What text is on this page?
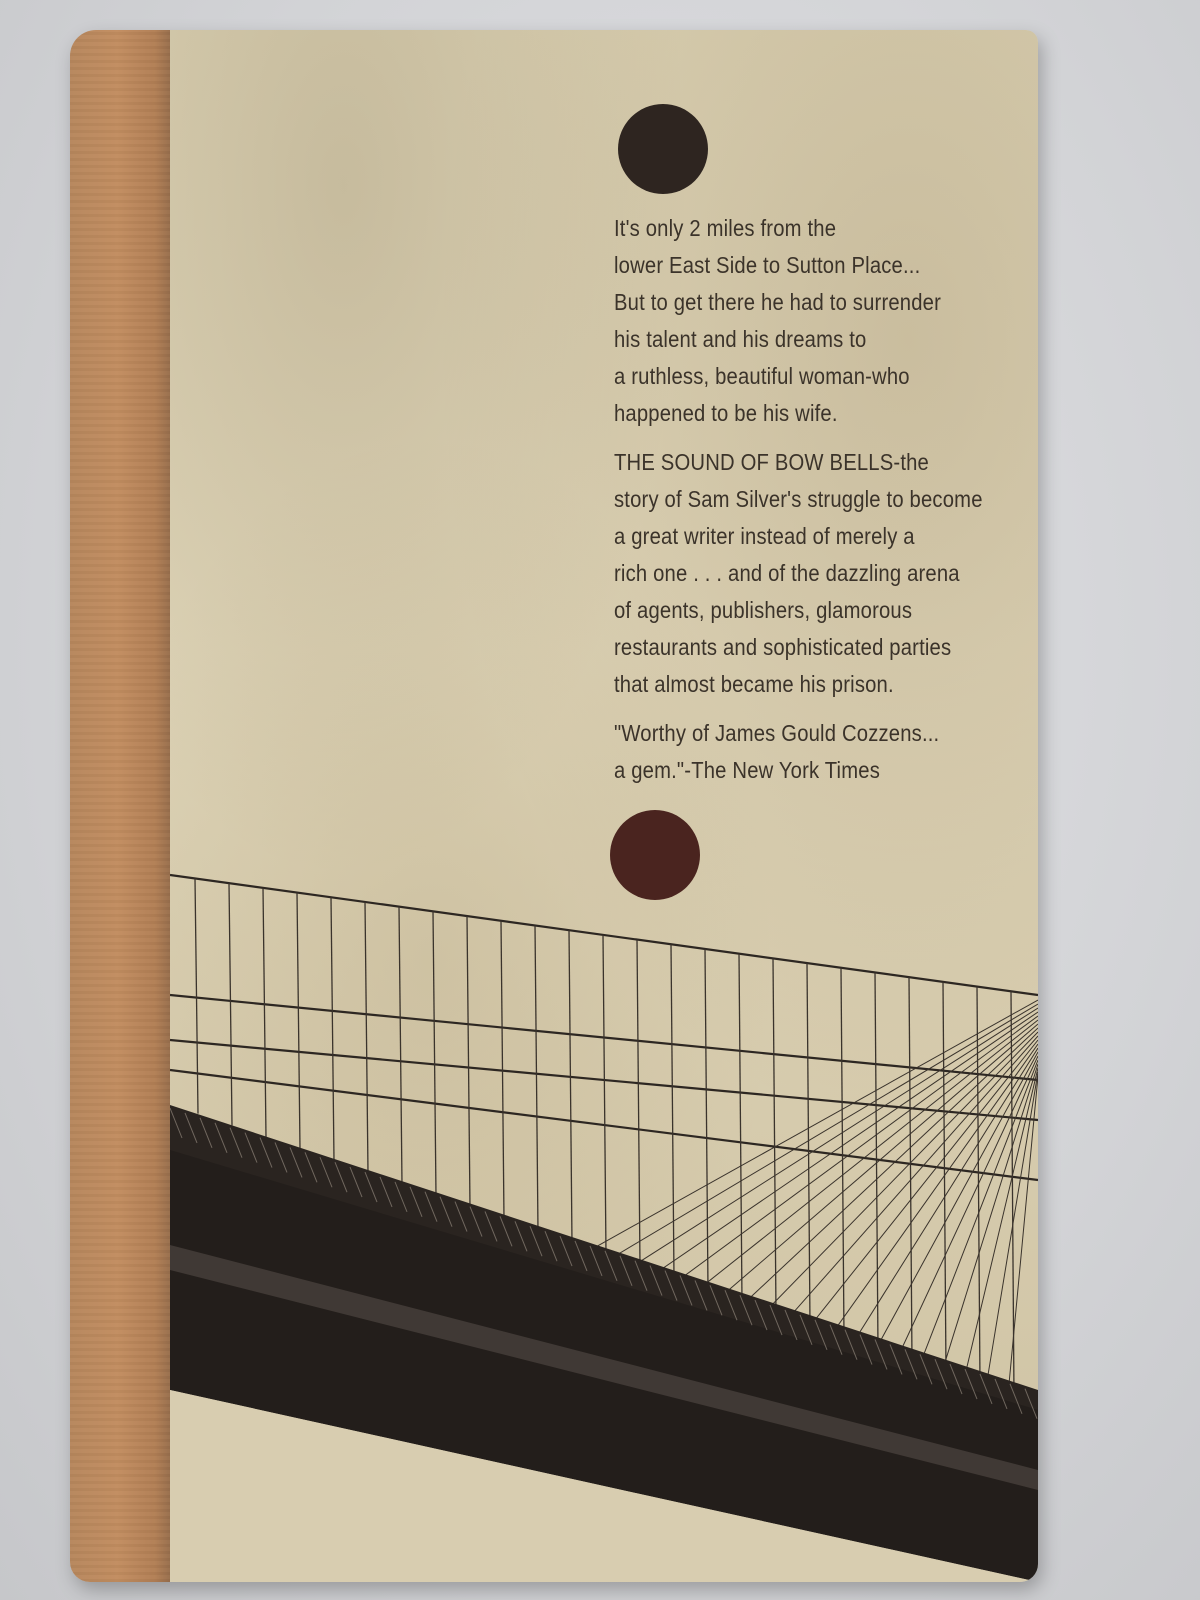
It's only 2 miles from the
lower East Side to Sutton Place...
But to get there he had to surrender
his talent and his dreams to
a ruthless, beautiful woman-who
happened to be his wife.

THE SOUND OF BOW BELLS-the
story of Sam Silver's struggle to become
a great writer instead of merely a
rich one . . . and of the dazzling arena
of agents, publishers, glamorous
restaurants and sophisticated parties
that almost became his prison.

"Worthy of James Gould Cozzens...
a gem."-The New York Times
